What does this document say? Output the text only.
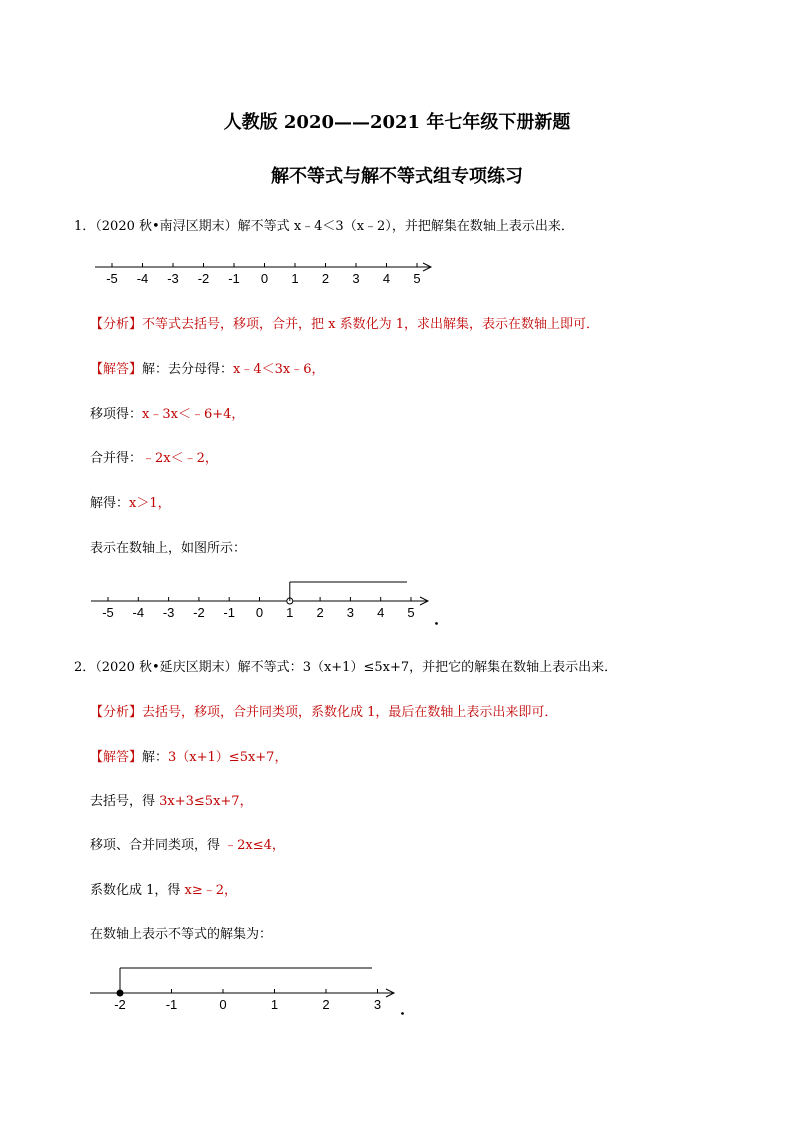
人教版 2020——2021 年七年级下册新题
解不等式与解不等式组专项练习
1．（2020 秋•南浔区期末）解不等式 x﹣4＜3（x﹣2），并把解集在数轴上表示出来．
-5 -4 -3 -2 -1 0 1 2 3 4 5
【分析】不等式去括号，移项，合并，把 x 系数化为 1，求出解集，表示在数轴上即可．
【解答】解：去分母得：x﹣4＜3x﹣6，
移项得：x﹣3x＜﹣6+4，
合并得：﹣2x＜﹣2，
解得：x＞1，
表示在数轴上，如图所示：
-5 -4 -3 -2 -1 0 1 2 3 4 5 ．
2．（2020 秋•延庆区期末）解不等式：3（x+1）≤5x+7，并把它的解集在数轴上表示出来．
【分析】去括号，移项，合并同类项，系数化成 1，最后在数轴上表示出来即可．
【解答】解：3（x+1）≤5x+7，
去括号，得 3x+3≤5x+7，
移项、合并同类项，得 ﹣2x≤4，
系数化成 1，得 x≥﹣2，
在数轴上表示不等式的解集为：
-2	-1	0	1	2	3 ．
